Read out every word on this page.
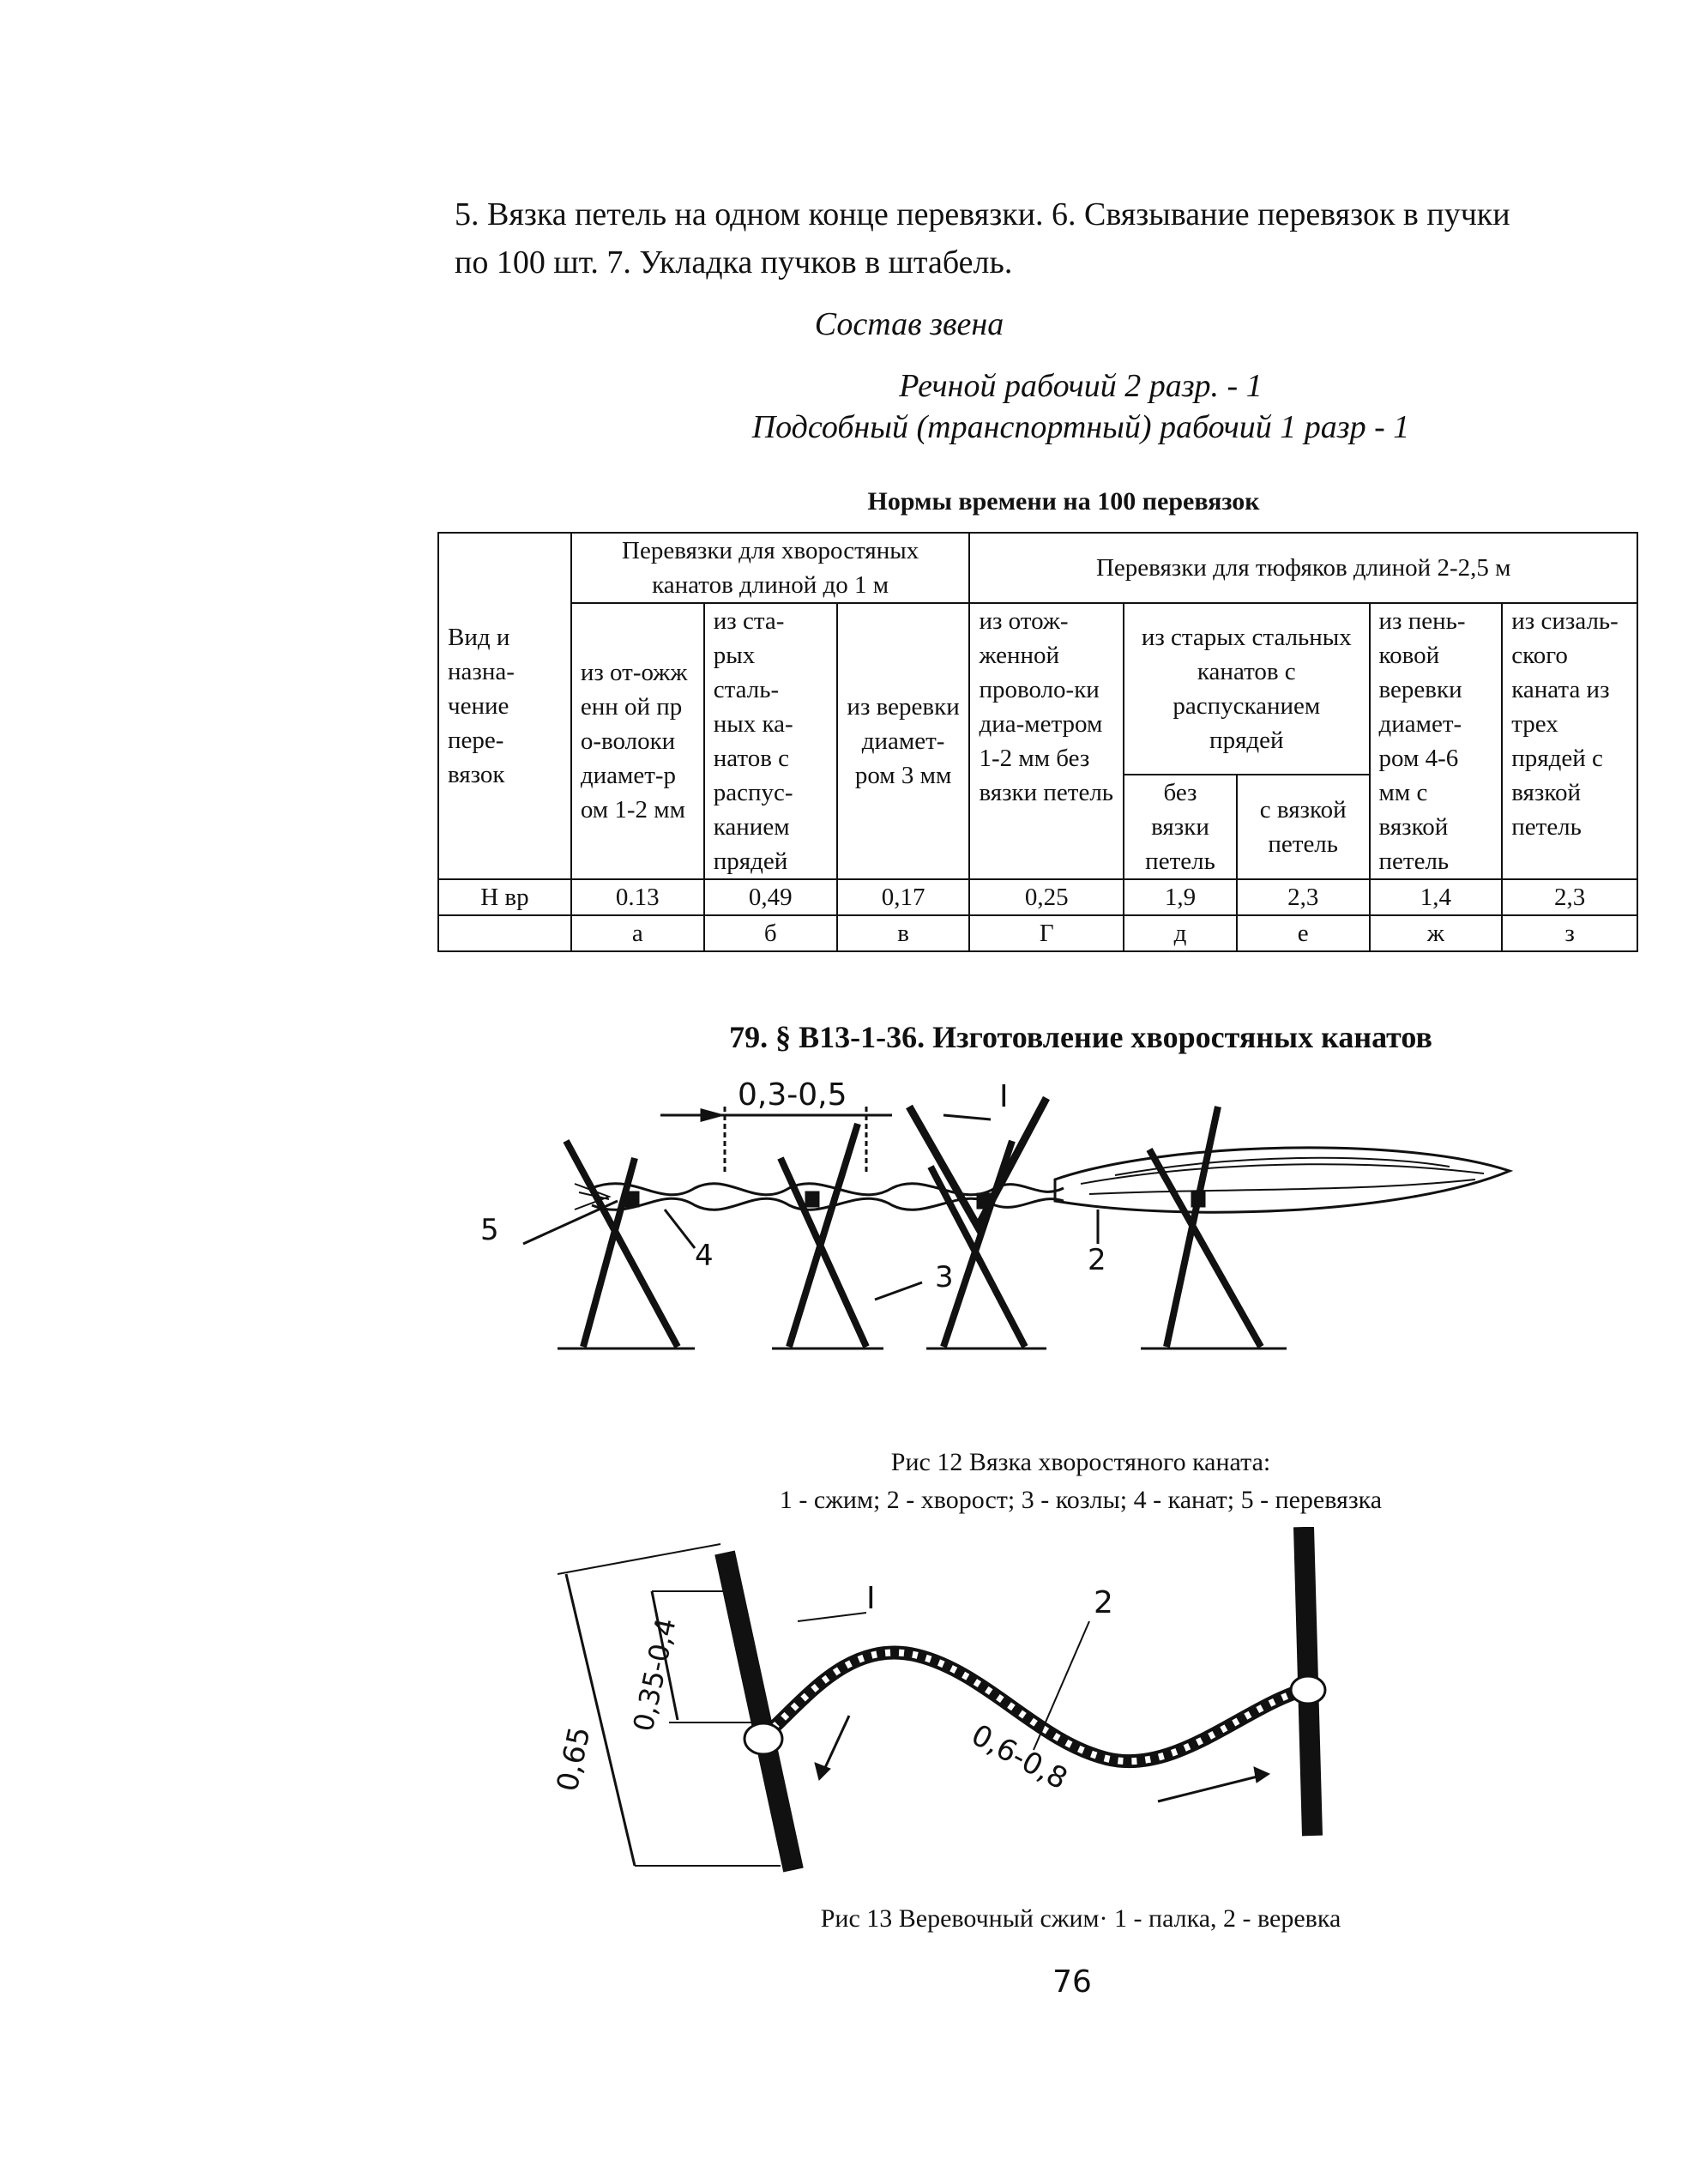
5. Вязка петель на одном конце перевязки. 6. Связывание перевязок в пучки
по 100 шт. 7. Укладка пучков в штабель.
Состав звена
Речной рабочий 2 разр. - 1
Подсобный (транспортный) рабочий 1 разр - 1
Нормы времени на 100 перевязок
Вид и назна-чение пере-вязок	Перевязки для хворостяных канатов длиной до 1 м			Перевязки для тюфяков длиной 2-2,5 м				
	из от-ожженн ой про-волоки диамет-ром 1-2 мм	из ста-рых сталь-ных ка-натов с распус-канием прядей	из веревки диамет-ром 3 мм	из отож-женной проволо-ки диа-метром 1-2 мм без вязки петель	из старых стальных канатов с распусканием прядей		из пень-ковой веревки диамет-ром 4-6 мм с вязкой петель	из сизаль-ского каната из трех прядей с вязкой петель
					без вязки петель	с вязкой петель		
Н вр	0.13	0,49	0,17	0,25	1,9	2,3	1,4	2,3
	а	б	в	Г	д	е	ж	з
79. § В13-1-36. Изготовление хворостяных канатов
0,3-0,5	I
2
3
4
5
Рис 12 Вязка хворостяного каната:
1 - сжим; 2 - хворост; 3 - козлы; 4 - канат; 5 - перевязка
I	2
0,65
0,35-0,4
0,6-0,8
Рис 13 Веревочный сжим· 1 - палка, 2 - веревка
76
